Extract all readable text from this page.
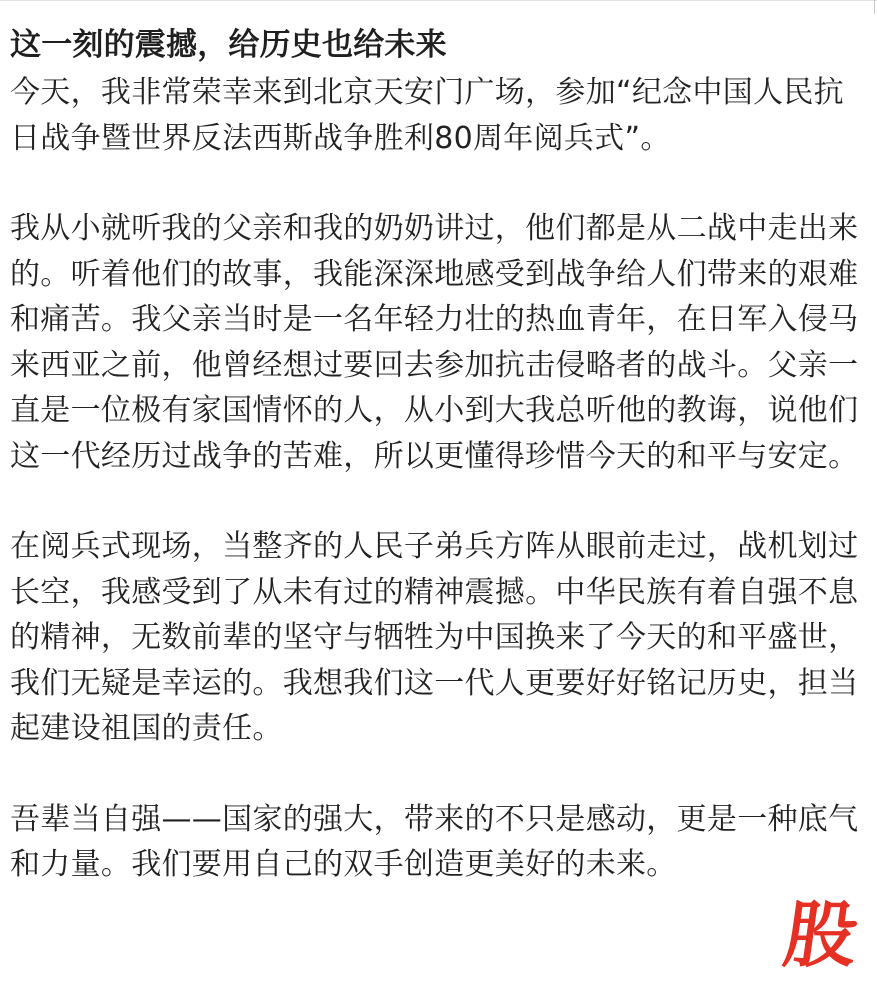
这一刻的震撼，给历史也给未来

今天，我非常荣幸来到北京天安门广场，参加“纪念中国人民抗日战争暨世界反法西斯战争胜利80周年阅兵式”。

我从小就听我的父亲和我的奶奶讲过，他们都是从二战中走出来的。听着他们的故事，我能深深地感受到战争给人们带来的艰难和痛苦。我父亲当时是一名年轻力壮的热血青年，在日军入侵马来西亚之前，他曾经想过要回去参加抗击侵略者的战斗。父亲一直是一位极有家国情怀的人，从小到大我总听他的教诲，说他们这一代经历过战争的苦难，所以更懂得珍惜今天的和平与安定。

在阅兵式现场，当整齐的人民子弟兵方阵从眼前走过，战机划过长空，我感受到了从未有过的精神震撼。中华民族有着自强不息的精神，无数前辈的坚守与牺牲为中国换来了今天的和平盛世，我们无疑是幸运的。我想我们这一代人更要好好铭记历史，担当起建设祖国的责任。

吾辈当自强——国家的强大，带来的不只是感动，更是一种底气和力量。我们要用自己的双手创造更美好的未来。

股
